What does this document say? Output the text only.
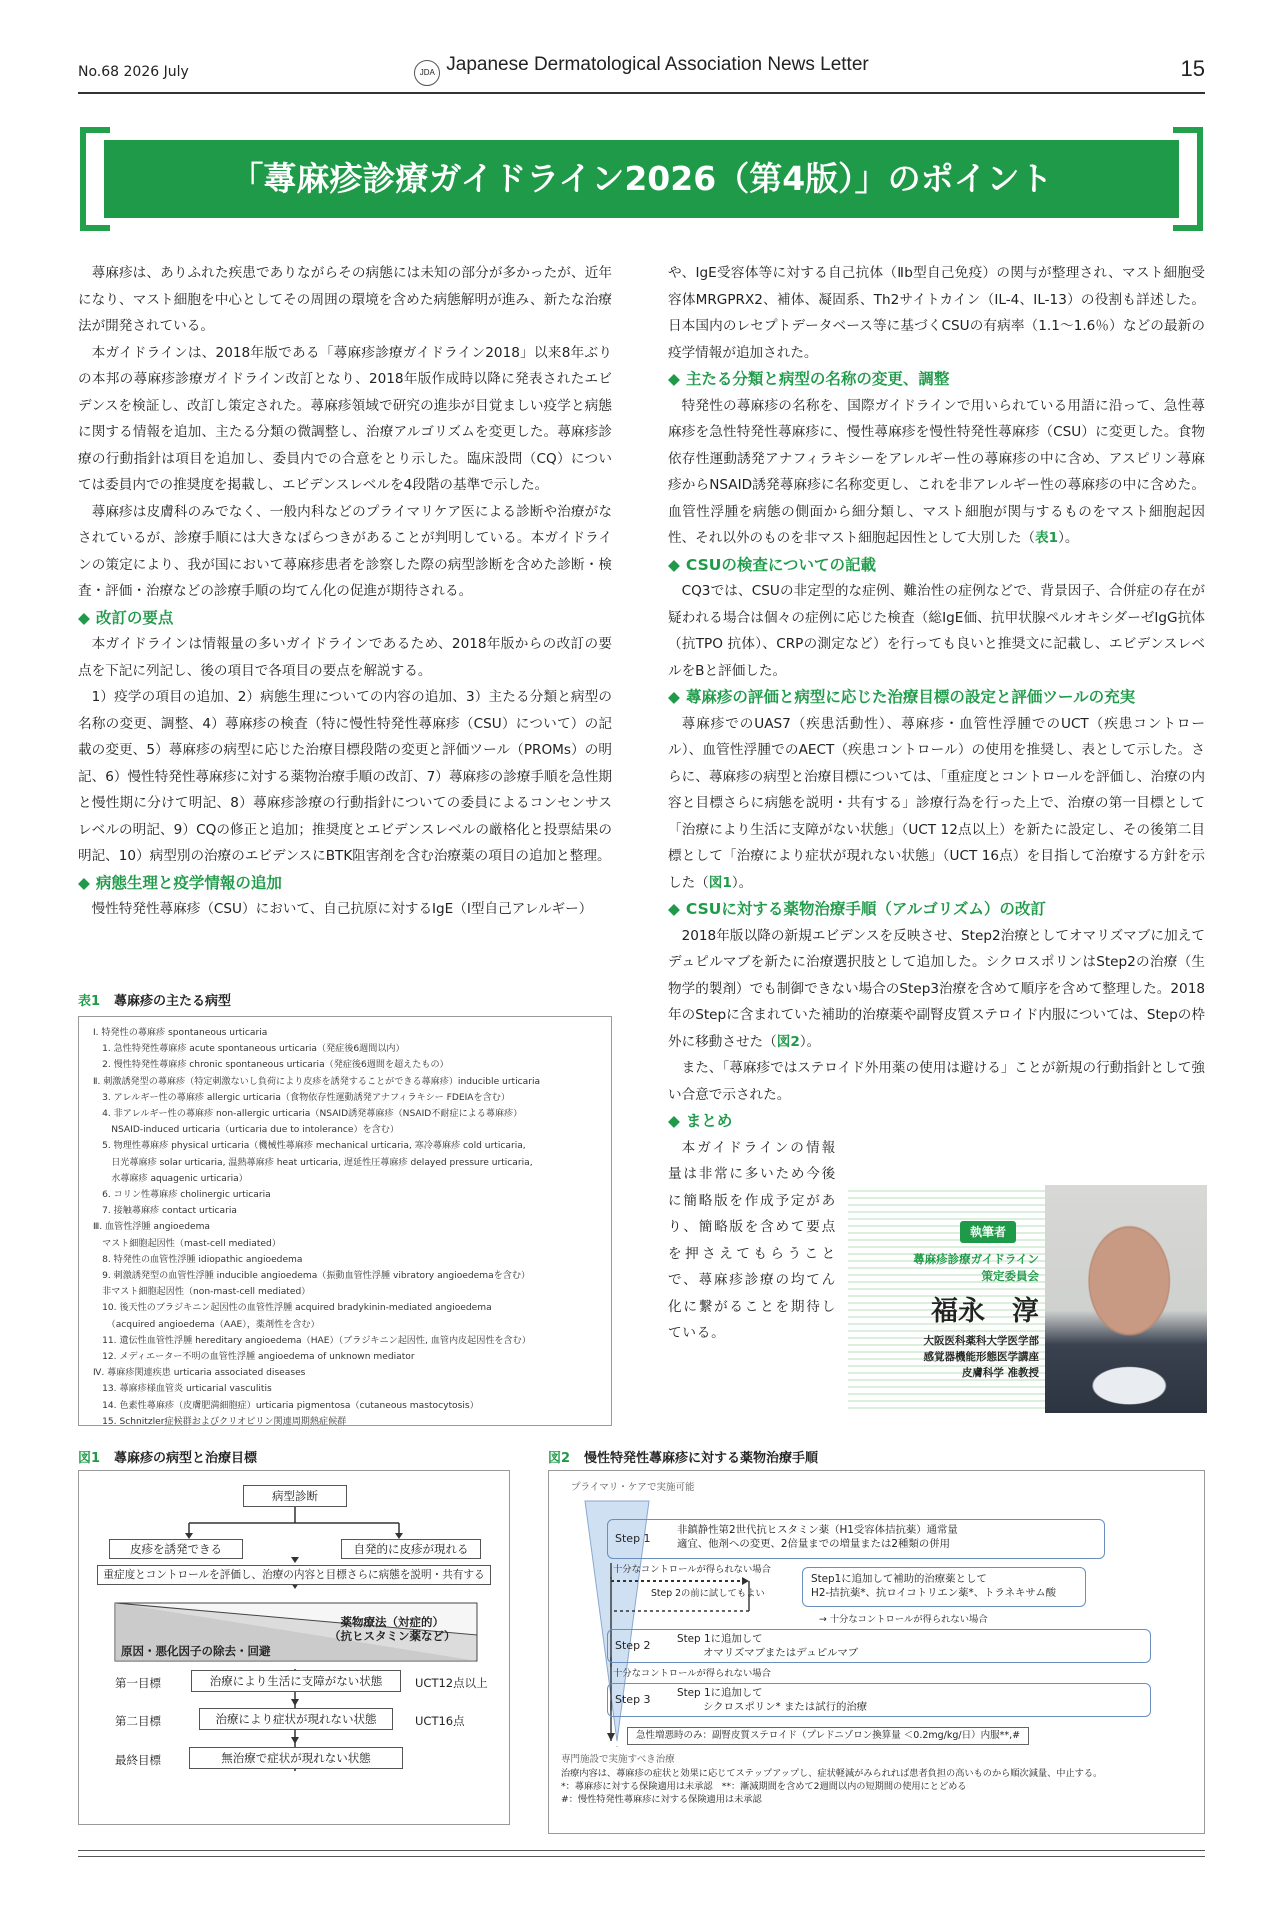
No.68 2026 July	JDA Japanese Dermatological Association News Letter	15
「蕁麻疹診療ガイドライン2026（第4版）」のポイント

蕁麻疹は、ありふれた疾患でありながらその病態には未知の部分が多かったが、近年になり、マスト細胞を中心としてその周囲の環境を含めた病態解明が進み、新たな治療法が開発されている。

本ガイドラインは、2018年版である「蕁麻疹診療ガイドライン2018」以来8年ぶりの本邦の蕁麻疹診療ガイドライン改訂となり、2018年版作成時以降に発表されたエビデンスを検証し、改訂し策定された。蕁麻疹領域で研究の進歩が目覚ましい疫学と病態に関する情報を追加、主たる分類の微調整し、治療アルゴリズムを変更した。蕁麻疹診療の行動指針は項目を追加し、委員内での合意をとり示した。臨床設問（CQ）については委員内での推奨度を掲載し、エビデンスレベルを4段階の基準で示した。

蕁麻疹は皮膚科のみでなく、一般内科などのプライマリケア医による診断や治療がなされているが、診療手順には大きなばらつきがあることが判明している。本ガイドラインの策定により、我が国において蕁麻疹患者を診察した際の病型診断を含めた診断・検査・評価・治療などの診療手順の均てん化の促進が期待される。

◆ 改訂の要点

本ガイドラインは情報量の多いガイドラインであるため、2018年版からの改訂の要点を下記に列記し、後の項目で各項目の要点を解説する。

1）疫学の項目の追加、2）病態生理についての内容の追加、3）主たる分類と病型の名称の変更、調整、4）蕁麻疹の検査（特に慢性特発性蕁麻疹（CSU）について）の記載の変更、5）蕁麻疹の病型に応じた治療目標段階の変更と評価ツール（PROMs）の明記、6）慢性特発性蕁麻疹に対する薬物治療手順の改訂、7）蕁麻疹の診療手順を急性期と慢性期に分けて明記、8）蕁麻疹診療の行動指針についての委員によるコンセンサスレベルの明記、9）CQの修正と追加；推奨度とエビデンスレベルの厳格化と投票結果の明記、10）病型別の治療のエビデンスにBTK阻害剤を含む治療薬の項目の追加と整理。

◆ 病態生理と疫学情報の追加

慢性特発性蕁麻疹（CSU）において、自己抗原に対するIgE（Ⅰ型自己アレルギー）

や、IgE受容体等に対する自己抗体（Ⅱb型自己免疫）の関与が整理され、マスト細胞受容体MRGPRX2、補体、凝固系、Th2サイトカイン（IL-4、IL-13）の役割も詳述した。日本国内のレセプトデータベース等に基づくCSUの有病率（1.1〜1.6％）などの最新の疫学情報が追加された。

◆ 主たる分類と病型の名称の変更、調整

特発性の蕁麻疹の名称を、国際ガイドラインで用いられている用語に沿って、急性蕁麻疹を急性特発性蕁麻疹に、慢性蕁麻疹を慢性特発性蕁麻疹（CSU）に変更した。食物依存性運動誘発アナフィラキシーをアレルギー性の蕁麻疹の中に含め、アスピリン蕁麻疹からNSAID誘発蕁麻疹に名称変更し、これを非アレルギー性の蕁麻疹の中に含めた。血管性浮腫を病態の側面から細分類し、マスト細胞が関与するものをマスト細胞起因性、それ以外のものを非マスト細胞起因性として大別した（表1）。

◆ CSUの検査についての記載

CQ3では、CSUの非定型的な症例、難治性の症例などで、背景因子、合併症の存在が疑われる場合は個々の症例に応じた検査（総IgE価、抗甲状腺ペルオキシダーゼIgG抗体（抗TPO 抗体）、CRPの測定など）を行っても良いと推奨文に記載し、エビデンスレベルをBと評価した。

◆ 蕁麻疹の評価と病型に応じた治療目標の設定と評価ツールの充実

蕁麻疹でのUAS7（疾患活動性）、蕁麻疹・血管性浮腫でのUCT（疾患コントロール）、血管性浮腫でのAECT（疾患コントロール）の使用を推奨し、表として示した。さらに、蕁麻疹の病型と治療目標については、「重症度とコントロールを評価し、治療の内容と目標さらに病態を説明・共有する」診療行為を行った上で、治療の第一目標として「治療により生活に支障がない状態」（UCT 12点以上）を新たに設定し、その後第二目標として「治療により症状が現れない状態」（UCT 16点）を目指して治療する方針を示した（図1）。

◆ CSUに対する薬物治療手順（アルゴリズム）の改訂

2018年版以降の新規エビデンスを反映させ、Step2治療としてオマリズマブに加えてデュピルマブを新たに治療選択肢として追加した。シクロスポリンはStep2の治療（生物学的製剤）でも制御できない場合のStep3治療を含めて順序を含めて整理した。2018年のStepに含まれていた補助的治療薬や副腎皮質ステロイド内服については、Stepの枠外に移動させた（図2）。

また、「蕁麻疹ではステロイド外用薬の使用は避ける」ことが新規の行動指針として強い合意で示された。

◆ まとめ

本ガイドラインの情報量は非常に多いため今後に簡略版を作成予定があり、簡略版を含めて要点を押さえてもらうことで、蕁麻疹診療の均てん化に繋がることを期待している。

執筆者
蕁麻疹診療ガイドライン
策定委員会
福永　淳
大阪医科薬科大学医学部
感覚器機能形態医学講座
皮膚科学 准教授
表1 蕁麻疹の主たる病型
Ⅰ. 特発性の蕁麻疹 spontaneous urticaria
　1. 急性特発性蕁麻疹 acute spontaneous urticaria（発症後6週間以内）
　2. 慢性特発性蕁麻疹 chronic spontaneous urticaria（発症後6週間を超えたもの）
Ⅱ. 刺激誘発型の蕁麻疹（特定刺激ないし負荷により皮疹を誘発することができる蕁麻疹）inducible urticaria
　3. アレルギー性の蕁麻疹 allergic urticaria（食物依存性運動誘発アナフィラキシー FDEIAを含む）
　4. 非アレルギー性の蕁麻疹 non-allergic urticaria（NSAID誘発蕁麻疹（NSAID不耐症による蕁麻疹）
　　NSAID-induced urticaria（urticaria due to intolerance）を含む）
　5. 物理性蕁麻疹 physical urticaria（機械性蕁麻疹 mechanical urticaria, 寒冷蕁麻疹 cold urticaria,
　　日光蕁麻疹 solar urticaria, 温熱蕁麻疹 heat urticaria, 遅延性圧蕁麻疹 delayed pressure urticaria,
　　水蕁麻疹 aquagenic urticaria）
　6. コリン性蕁麻疹 cholinergic urticaria
　7. 接触蕁麻疹 contact urticaria
Ⅲ. 血管性浮腫 angioedema
　マスト細胞起因性（mast-cell mediated）
　8. 特発性の血管性浮腫 idiopathic angioedema
　9. 刺激誘発型の血管性浮腫 inducible angioedema（振動血管性浮腫 vibratory angioedemaを含む）
　非マスト細胞起因性（non-mast-cell mediated）
　10. 後天性のブラジキニン起因性の血管性浮腫 acquired bradykinin-mediated angioedema
　　（acquired angioedema（AAE），薬剤性を含む）
　11. 遺伝性血管性浮腫 hereditary angioedema（HAE）（ブラジキニン起因性, 血管内皮起因性を含む）
　12. メディエーター不明の血管性浮腫 angioedema of unknown mediator
Ⅳ. 蕁麻疹関連疾患 urticaria associated diseases
　13. 蕁麻疹様血管炎 urticarial vasculitis
　14. 色素性蕁麻疹（皮膚肥満細胞症）urticaria pigmentosa（cutaneous mastocytosis）
　15. Schnitzler症候群およびクリオピリン関連周期熱症候群
図1 蕁麻疹の病型と治療目標
病型診断
皮疹を誘発できる	自発的に皮疹が現れる
重症度とコントロールを評価し、治療の内容と目標さらに病態を説明・共有する
薬物療法（対症的）
（抗ヒスタミン薬など）
原因・悪化因子の除去・回避
第一目標	治療により生活に支障がない状態	UCT12点以上
第二目標	治療により症状が現れない状態	UCT16点
最終目標	無治療で症状が現れない状態
図2 慢性特発性蕁麻疹に対する薬物治療手順
プライマリ・ケアで実施可能
専門施設で実施すべき治療
Step 1
非鎮静性第2世代抗ヒスタミン薬（H1受容体拮抗薬）通常量
適宜、他剤への変更、2倍量までの増量または2種類の併用
十分なコントロールが得られない場合
Step 2の前に試してもよい
Step1に追加して補助的治療薬として
H2-拮抗薬*、抗ロイコトリエン薬*、トラネキサム酸
→ 十分なコントロールが得られない場合
Step 2	Step 1に追加して
オマリズマブまたはデュピルマブ
十分なコントロールが得られない場合
Step 3	Step 1に追加して
シクロスポリン* または試行的治療
急性増悪時のみ：副腎皮質ステロイド（プレドニゾロン換算量 ＜0.2mg/kg/日）内服**,#
治療内容は、蕁麻疹の症状と効果に応じてステップアップし、症状軽減がみられれば患者負担の高いものから順次減量、中止する。
*：蕁麻疹に対する保険適用は未承認　**：漸減期間を含めて2週間以内の短期間の使用にとどめる
#：慢性特発性蕁麻疹に対する保険適用は未承認
